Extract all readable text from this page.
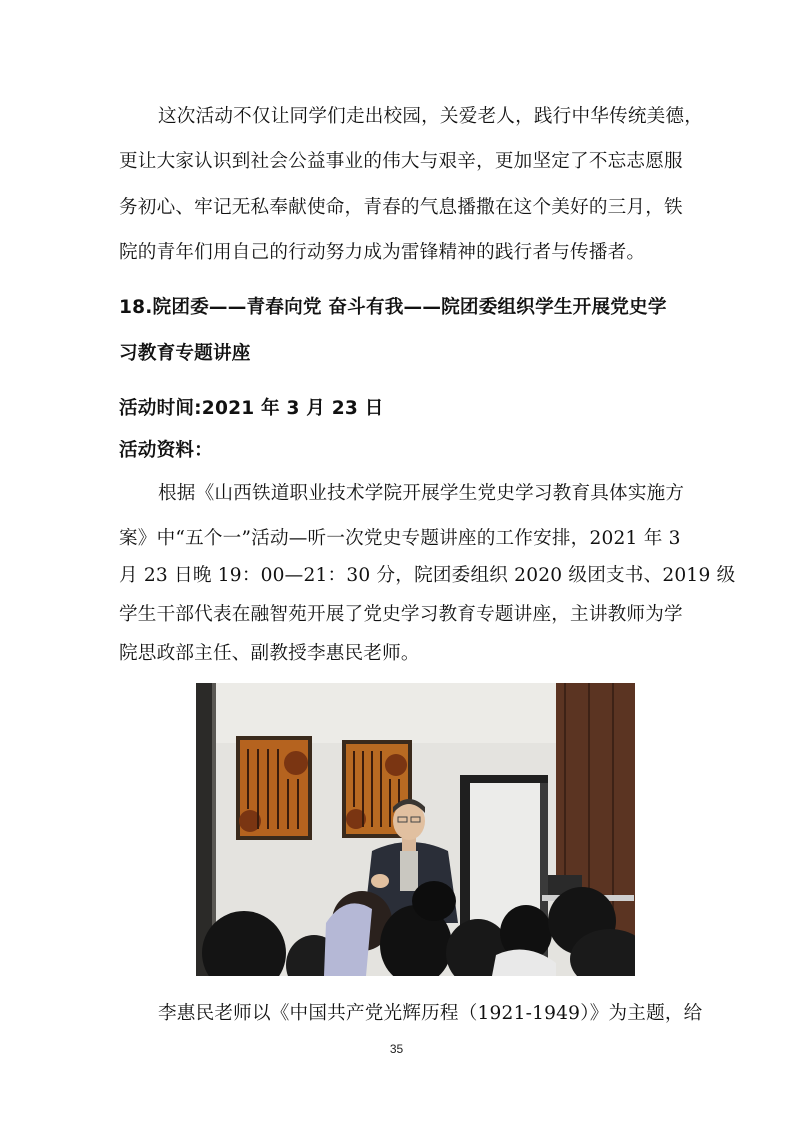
这次活动不仅让同学们走出校园，关爱老人，践行中华传统美德，
更让大家认识到社会公益事业的伟大与艰辛，更加坚定了不忘志愿服
务初心、牢记无私奉献使命，青春的气息播撒在这个美好的三月，铁
院的青年们用自己的行动努力成为雷锋精神的践行者与传播者。
18.院团委——青春向党 奋斗有我——院团委组织学生开展党史学
习教育专题讲座
活动时间:2021 年 3 月 23 日
活动资料：
根据《山西铁道职业技术学院开展学生党史学习教育具体实施方
案》中“五个一”活动—听一次党史专题讲座的工作安排，2021 年 3
月 23 日晚 19：00—21：30 分，院团委组织 2020 级团支书、2019 级
学生干部代表在融智苑开展了党史学习教育专题讲座，主讲教师为学
院思政部主任、副教授李惠民老师。
李惠民老师以《中国共产党光辉历程（1921-1949）》为主题，给
35
